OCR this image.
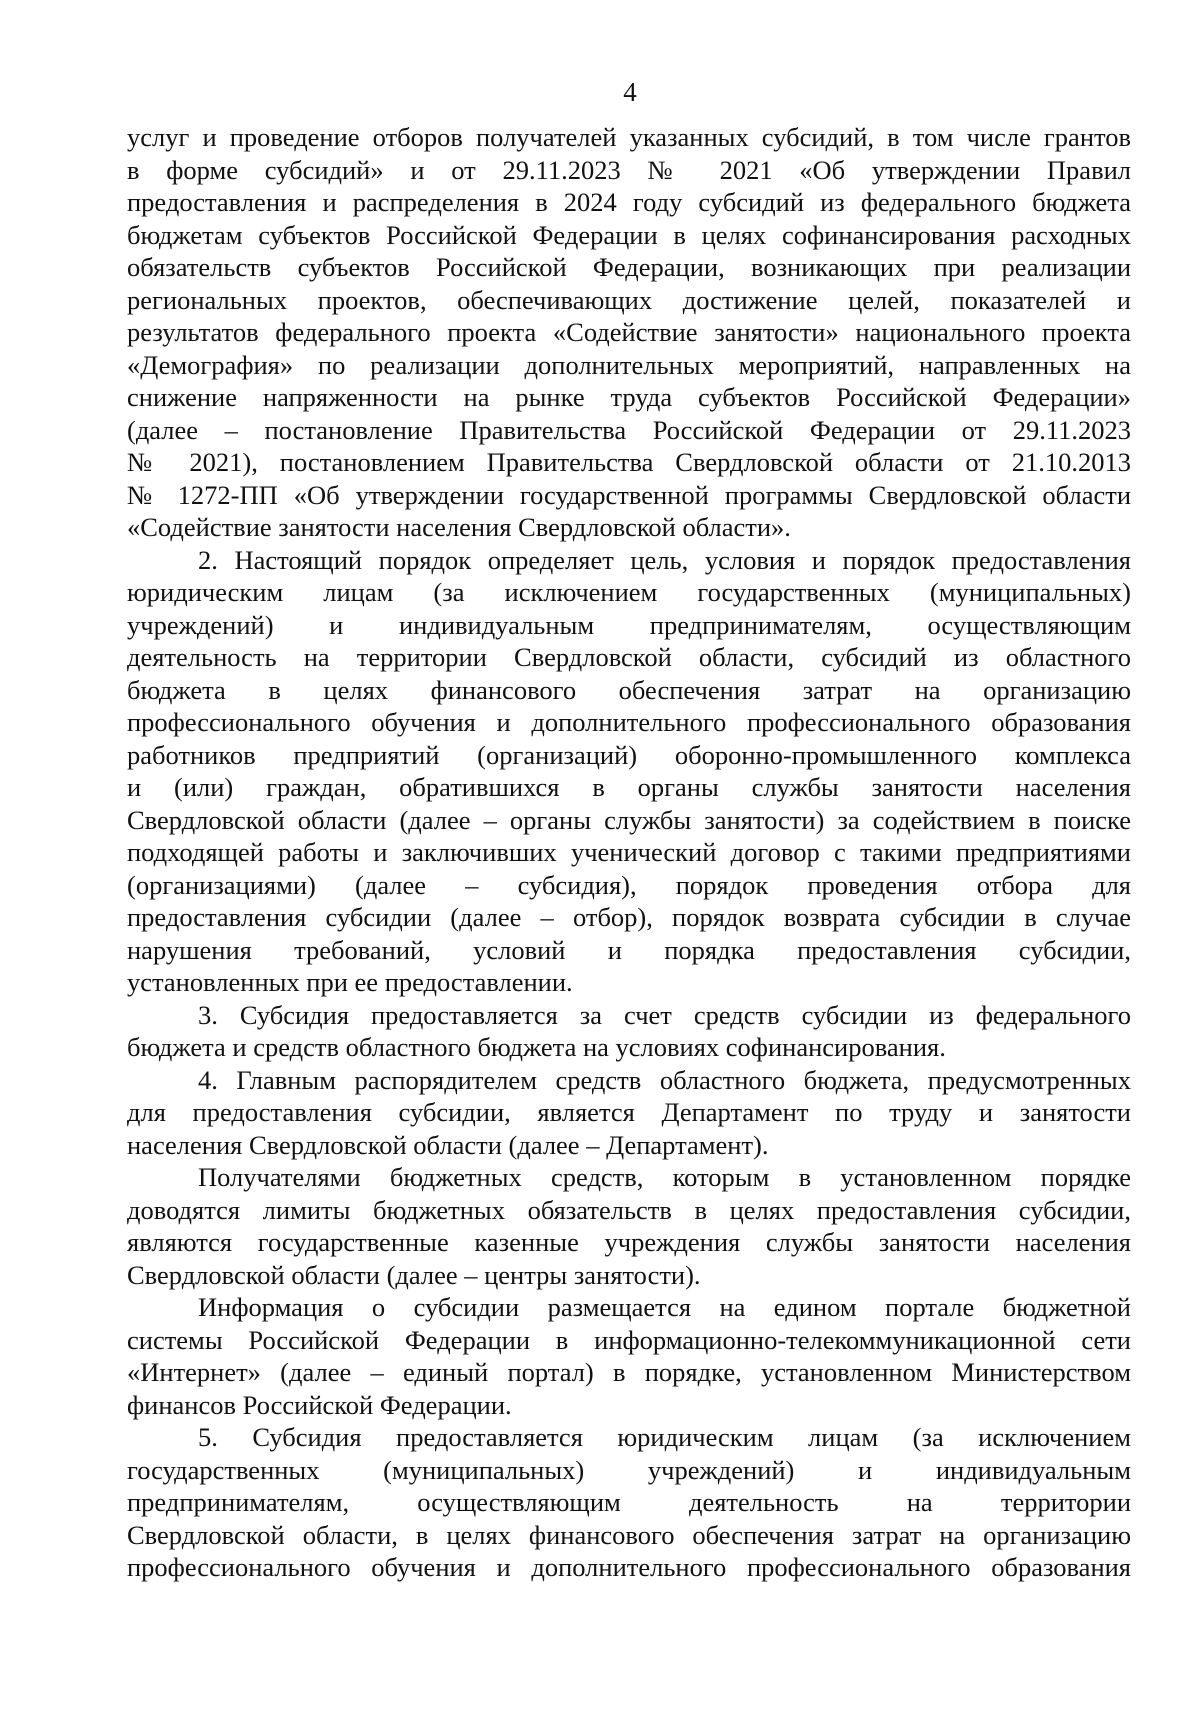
4
услуг и проведение отборов получателей указанных субсидий, в том числе грантов
в форме субсидий» и от 29.11.2023 № 2021 «Об утверждении Правил
предоставления и распределения в 2024 году субсидий из федерального бюджета
бюджетам субъектов Российской Федерации в целях софинансирования расходных
обязательств субъектов Российской Федерации, возникающих при реализации
региональных проектов, обеспечивающих достижение целей, показателей и
результатов федерального проекта «Содействие занятости» национального проекта
«Демография» по реализации дополнительных мероприятий, направленных на
снижение напряженности на рынке труда субъектов Российской Федерации»
(далее – постановление Правительства Российской Федерации от 29.11.2023
№ 2021), постановлением Правительства Свердловской области от 21.10.2013
№ 1272-ПП «Об утверждении государственной программы Свердловской области
«Содействие занятости населения Свердловской области».
2. Настоящий порядок определяет цель, условия и порядок предоставления
юридическим лицам (за исключением государственных (муниципальных)
учреждений) и индивидуальным предпринимателям, осуществляющим
деятельность на территории Свердловской области, субсидий из областного
бюджета в целях финансового обеспечения затрат на организацию
профессионального обучения и дополнительного профессионального образования
работников предприятий (организаций) оборонно-промышленного комплекса
и (или) граждан, обратившихся в органы службы занятости населения
Свердловской области (далее – органы службы занятости) за содействием в поиске
подходящей работы и заключивших ученический договор с такими предприятиями
(организациями) (далее – субсидия), порядок проведения отбора для
предоставления субсидии (далее – отбор), порядок возврата субсидии в случае
нарушения требований, условий и порядка предоставления субсидии,
установленных при ее предоставлении.
3. Субсидия предоставляется за счет средств субсидии из федерального
бюджета и средств областного бюджета на условиях софинансирования.
4. Главным распорядителем средств областного бюджета, предусмотренных
для предоставления субсидии, является Департамент по труду и занятости
населения Свердловской области (далее – Департамент).
Получателями бюджетных средств, которым в установленном порядке
доводятся лимиты бюджетных обязательств в целях предоставления субсидии,
являются государственные казенные учреждения службы занятости населения
Свердловской области (далее – центры занятости).
Информация о субсидии размещается на едином портале бюджетной
системы Российской Федерации в информационно-телекоммуникационной сети
«Интернет» (далее – единый портал) в порядке, установленном Министерством
финансов Российской Федерации.
5. Субсидия предоставляется юридическим лицам (за исключением
государственных (муниципальных) учреждений) и индивидуальным
предпринимателям, осуществляющим деятельность на территории
Свердловской области, в целях финансового обеспечения затрат на организацию
профессионального обучения и дополнительного профессионального образования
